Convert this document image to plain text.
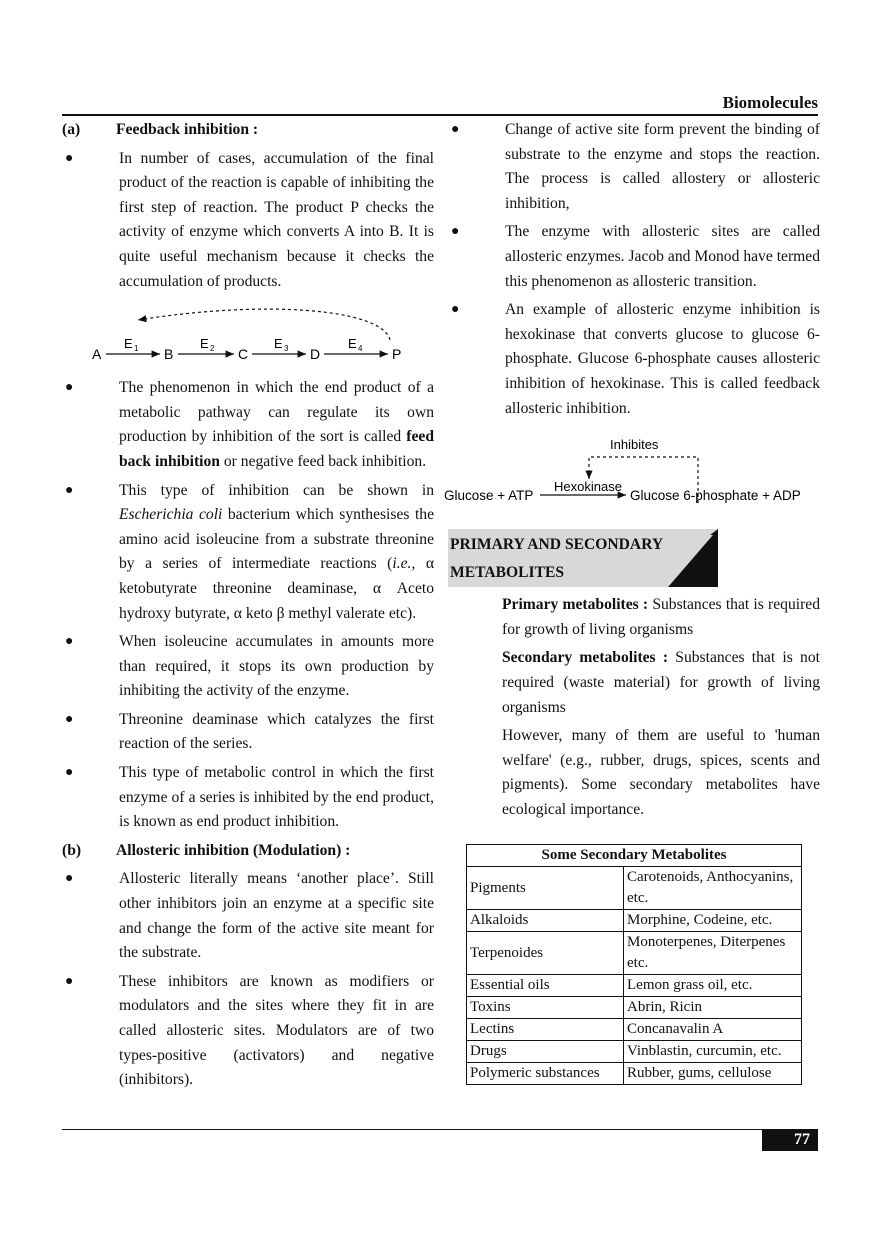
Biomolecules
(a)	Feedback inhibition :
●	In number of cases, accumulation of the final product of the reaction is capable of inhibiting the first step of reaction. The product P checks the activity of enzyme which converts A into B. It is quite useful mechanism because it checks the accumulation of products.
A
E 1 B
E 2 C
E 3 D
E 4 P
●	The phenomenon in which the end product of a metabolic pathway can regulate its own production by inhibition of the sort is called feed back inhibition or negative feed back inhibition.
●	This type of inhibition can be shown in Escherichia coli bacterium which synthesises the amino acid isoleucine from a substrate threonine by a series of intermediate reactions (i.e., α ketobutyrate threonine deaminase, α Aceto hydroxy butyrate, α keto β methyl valerate etc).
●	When isoleucine accumulates in amounts more than required, it stops its own production by inhibiting the activity of the enzyme.
●	Threonine deaminase which catalyzes the first reaction of the series.
●	This type of metabolic control in which the first enzyme of a series is inhibited by the end product, is known as end product inhibition.
(b)	Allosteric inhibition (Modulation) :
●	Allosteric literally means ‘another place’. Still other inhibitors join an enzyme at a specific site and change the form of the active site meant for the substrate.
●	These inhibitors are known as modifiers or modulators and the sites where they fit in are called allosteric sites. Modulators are of two types-positive (activators) and negative (inhibitors).
●	Change of active site form prevent the binding of substrate to the enzyme and stops the reaction. The process is called allostery or allosteric inhibition,
●	The enzyme with allosteric sites are called allosteric enzymes. Jacob and Monod have termed this phenomenon as allosteric transition.
●	An example of allosteric enzyme inhibition is hexokinase that converts glucose to glucose 6-phosphate. Glucose 6-phosphate causes allosteric inhibition of hexokinase. This is called feedback allosteric inhibition.
Inhibites
Hexokinase
Glucose + ATP	Glucose 6-phosphate + ADP
PRIMARY AND SECONDARY
METABOLITES
Primary metabolites : Substances that is required for growth of living organisms
Secondary metabolites : Substances that is not required (waste material) for growth of living organisms
However, many of them are useful to 'human welfare' (e.g., rubber, drugs, spices, scents and pigments). Some secondary metabolites have ecological importance.
Some Secondary Metabolites	
Pigments	Carotenoids, Anthocyanins, etc.
Alkaloids	Morphine, Codeine, etc.
Terpenoides	Monoterpenes, Diterpenes etc.
Essential oils	Lemon grass oil, etc.
Toxins	Abrin, Ricin
Lectins	Concanavalin A
Drugs	Vinblastin, curcumin, etc.
Polymeric substances	Rubber, gums, cellulose
77
